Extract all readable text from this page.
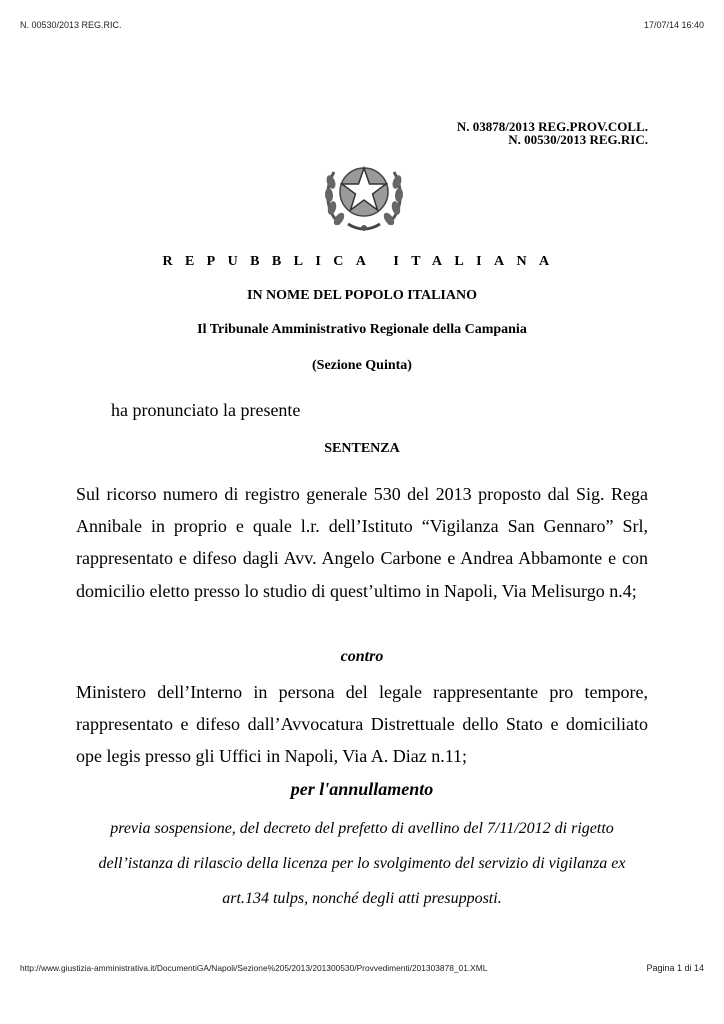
N. 00530/2013 REG.RIC.	17/07/14 16:40
N. 03878/2013 REG.PROV.COLL.
N. 00530/2013 REG.RIC.
REPUBBLICA ITALIANA
IN NOME DEL POPOLO ITALIANO
Il Tribunale Amministrativo Regionale della Campania
(Sezione Quinta)
ha pronunciato la presente
SENTENZA
Sul ricorso numero di registro generale 530 del 2013 proposto dal Sig. Rega Annibale in proprio e quale l.r. dell’Istituto “Vigilanza San Gennaro” Srl, rappresentato e difeso dagli Avv. Angelo Carbone e Andrea Abbamonte e con domicilio eletto presso lo studio di quest’ultimo in Napoli, Via Melisurgo n.4;
contro
Ministero dell’Interno in persona del legale rappresentante pro tempore, rappresentato e difeso dall’Avvocatura Distrettuale dello Stato e domiciliato ope legis presso gli Uffici in Napoli, Via A. Diaz n.11;
per l'annullamento
previa sospensione, del decreto del prefetto di avellino del 7/11/2012 di rigetto
dell’istanza di rilascio della licenza per lo svolgimento del servizio di vigilanza ex
art.134 tulps, nonché degli atti presupposti.
http://www.giustizia-amministrativa.it/DocumentiGA/Napoli/Sezione%205/2013/201300530/Provvedimenti/201303878_01.XML	Pagina 1 di 14
